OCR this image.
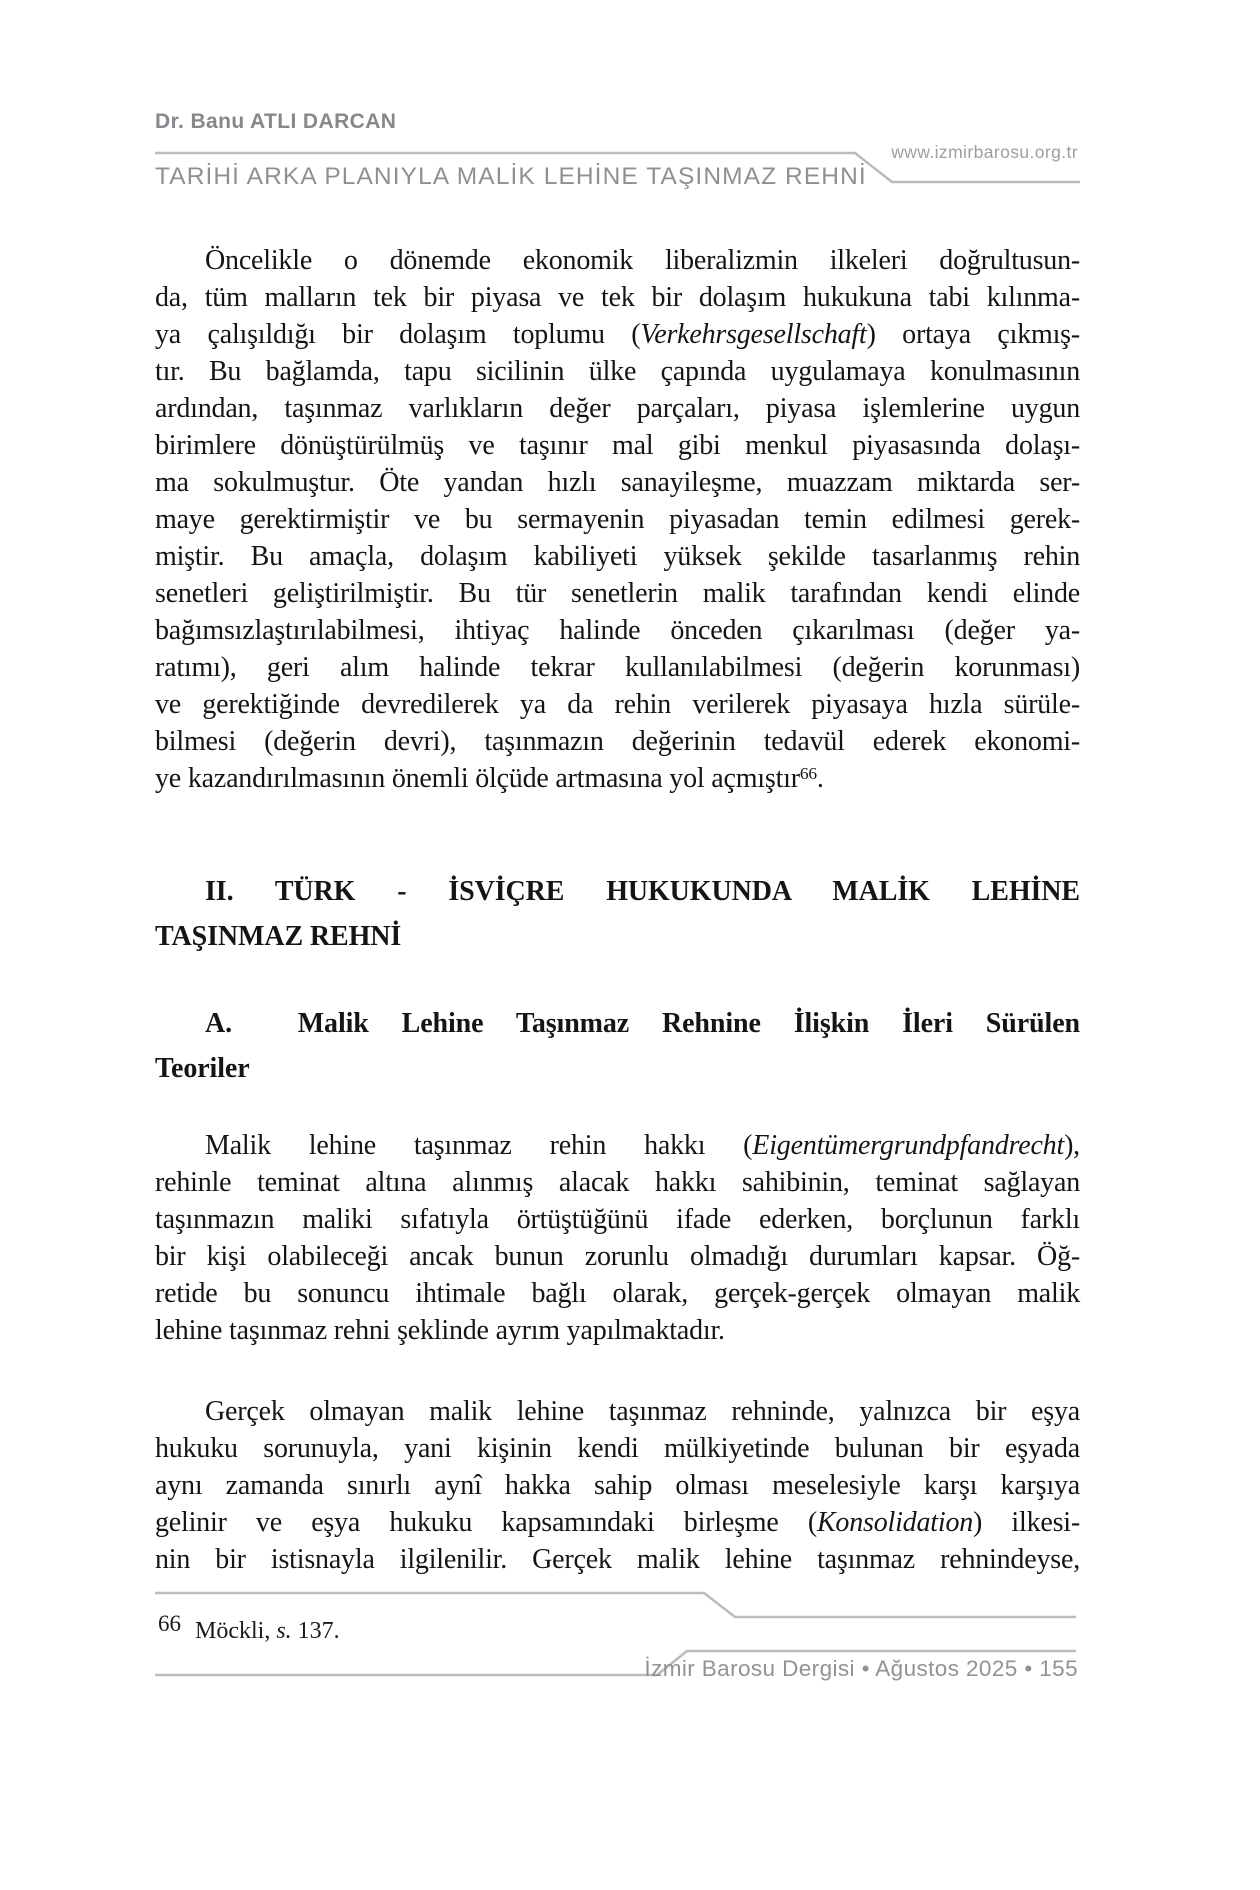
Dr. Banu ATLI DARCAN
www.izmirbarosu.org.tr
TARİHİ ARKA PLANIYLA MALİK LEHİNE TAŞINMAZ REHNİ
Öncelikle o dönemde ekonomik liberalizmin ilkeleri doğrultusun-
da, tüm malların tek bir piyasa ve tek bir dolaşım hukukuna tabi kılınma-
ya çalışıldığı bir dolaşım toplumu (Verkehrsgesellschaft) ortaya çıkmış-
tır. Bu bağlamda, tapu sicilinin ülke çapında uygulamaya konulmasının
ardından, taşınmaz varlıkların değer parçaları, piyasa işlemlerine uygun
birimlere dönüştürülmüş ve taşınır mal gibi menkul piyasasında dolaşı-
ma sokulmuştur. Öte yandan hızlı sanayileşme, muazzam miktarda ser-
maye gerektirmiştir ve bu sermayenin piyasadan temin edilmesi gerek-
miştir. Bu amaçla, dolaşım kabiliyeti yüksek şekilde tasarlanmış rehin
senetleri geliştirilmiştir. Bu tür senetlerin malik tarafından kendi elinde
bağımsızlaştırılabilmesi, ihtiyaç halinde önceden çıkarılması (değer ya-
ratımı), geri alım halinde tekrar kullanılabilmesi (değerin korunması)
ve gerektiğinde devredilerek ya da rehin verilerek piyasaya hızla sürüle-
bilmesi (değerin devri), taşınmazın değerinin tedavül ederek ekonomi-
ye kazandırılmasının önemli ölçüde artmasına yol açmıştır$^{66}$.
II. TÜRK - İSVİÇRE HUKUKUNDA MALİK LEHİNE
TAŞINMAZ REHNİ
A.  Malik Lehine Taşınmaz Rehnine İlişkin İleri Sürülen
Teoriler
Malik lehine taşınmaz rehin hakkı (Eigentümergrundpfandrecht),
rehinle teminat altına alınmış alacak hakkı sahibinin, teminat sağlayan
taşınmazın maliki sıfatıyla örtüştüğünü ifade ederken, borçlunun farklı
bir kişi olabileceği ancak bunun zorunlu olmadığı durumları kapsar. Öğ-
retide bu sonuncu ihtimale bağlı olarak, gerçek-gerçek olmayan malik
lehine taşınmaz rehni şeklinde ayrım yapılmaktadır.
Gerçek olmayan malik lehine taşınmaz rehninde, yalnızca bir eşya
hukuku sorunuyla, yani kişinin kendi mülkiyetinde bulunan bir eşyada
aynı zamanda sınırlı aynî hakka sahip olması meselesiyle karşı karşıya
gelinir ve eşya hukuku kapsamındaki birleşme (Konsolidation) ilkesi-
nin bir istisnayla ilgilenilir. Gerçek malik lehine taşınmaz rehnindeyse,
66 Möckli, s. 137.
İzmir Barosu Dergisi • Ağustos 2025 • 155
